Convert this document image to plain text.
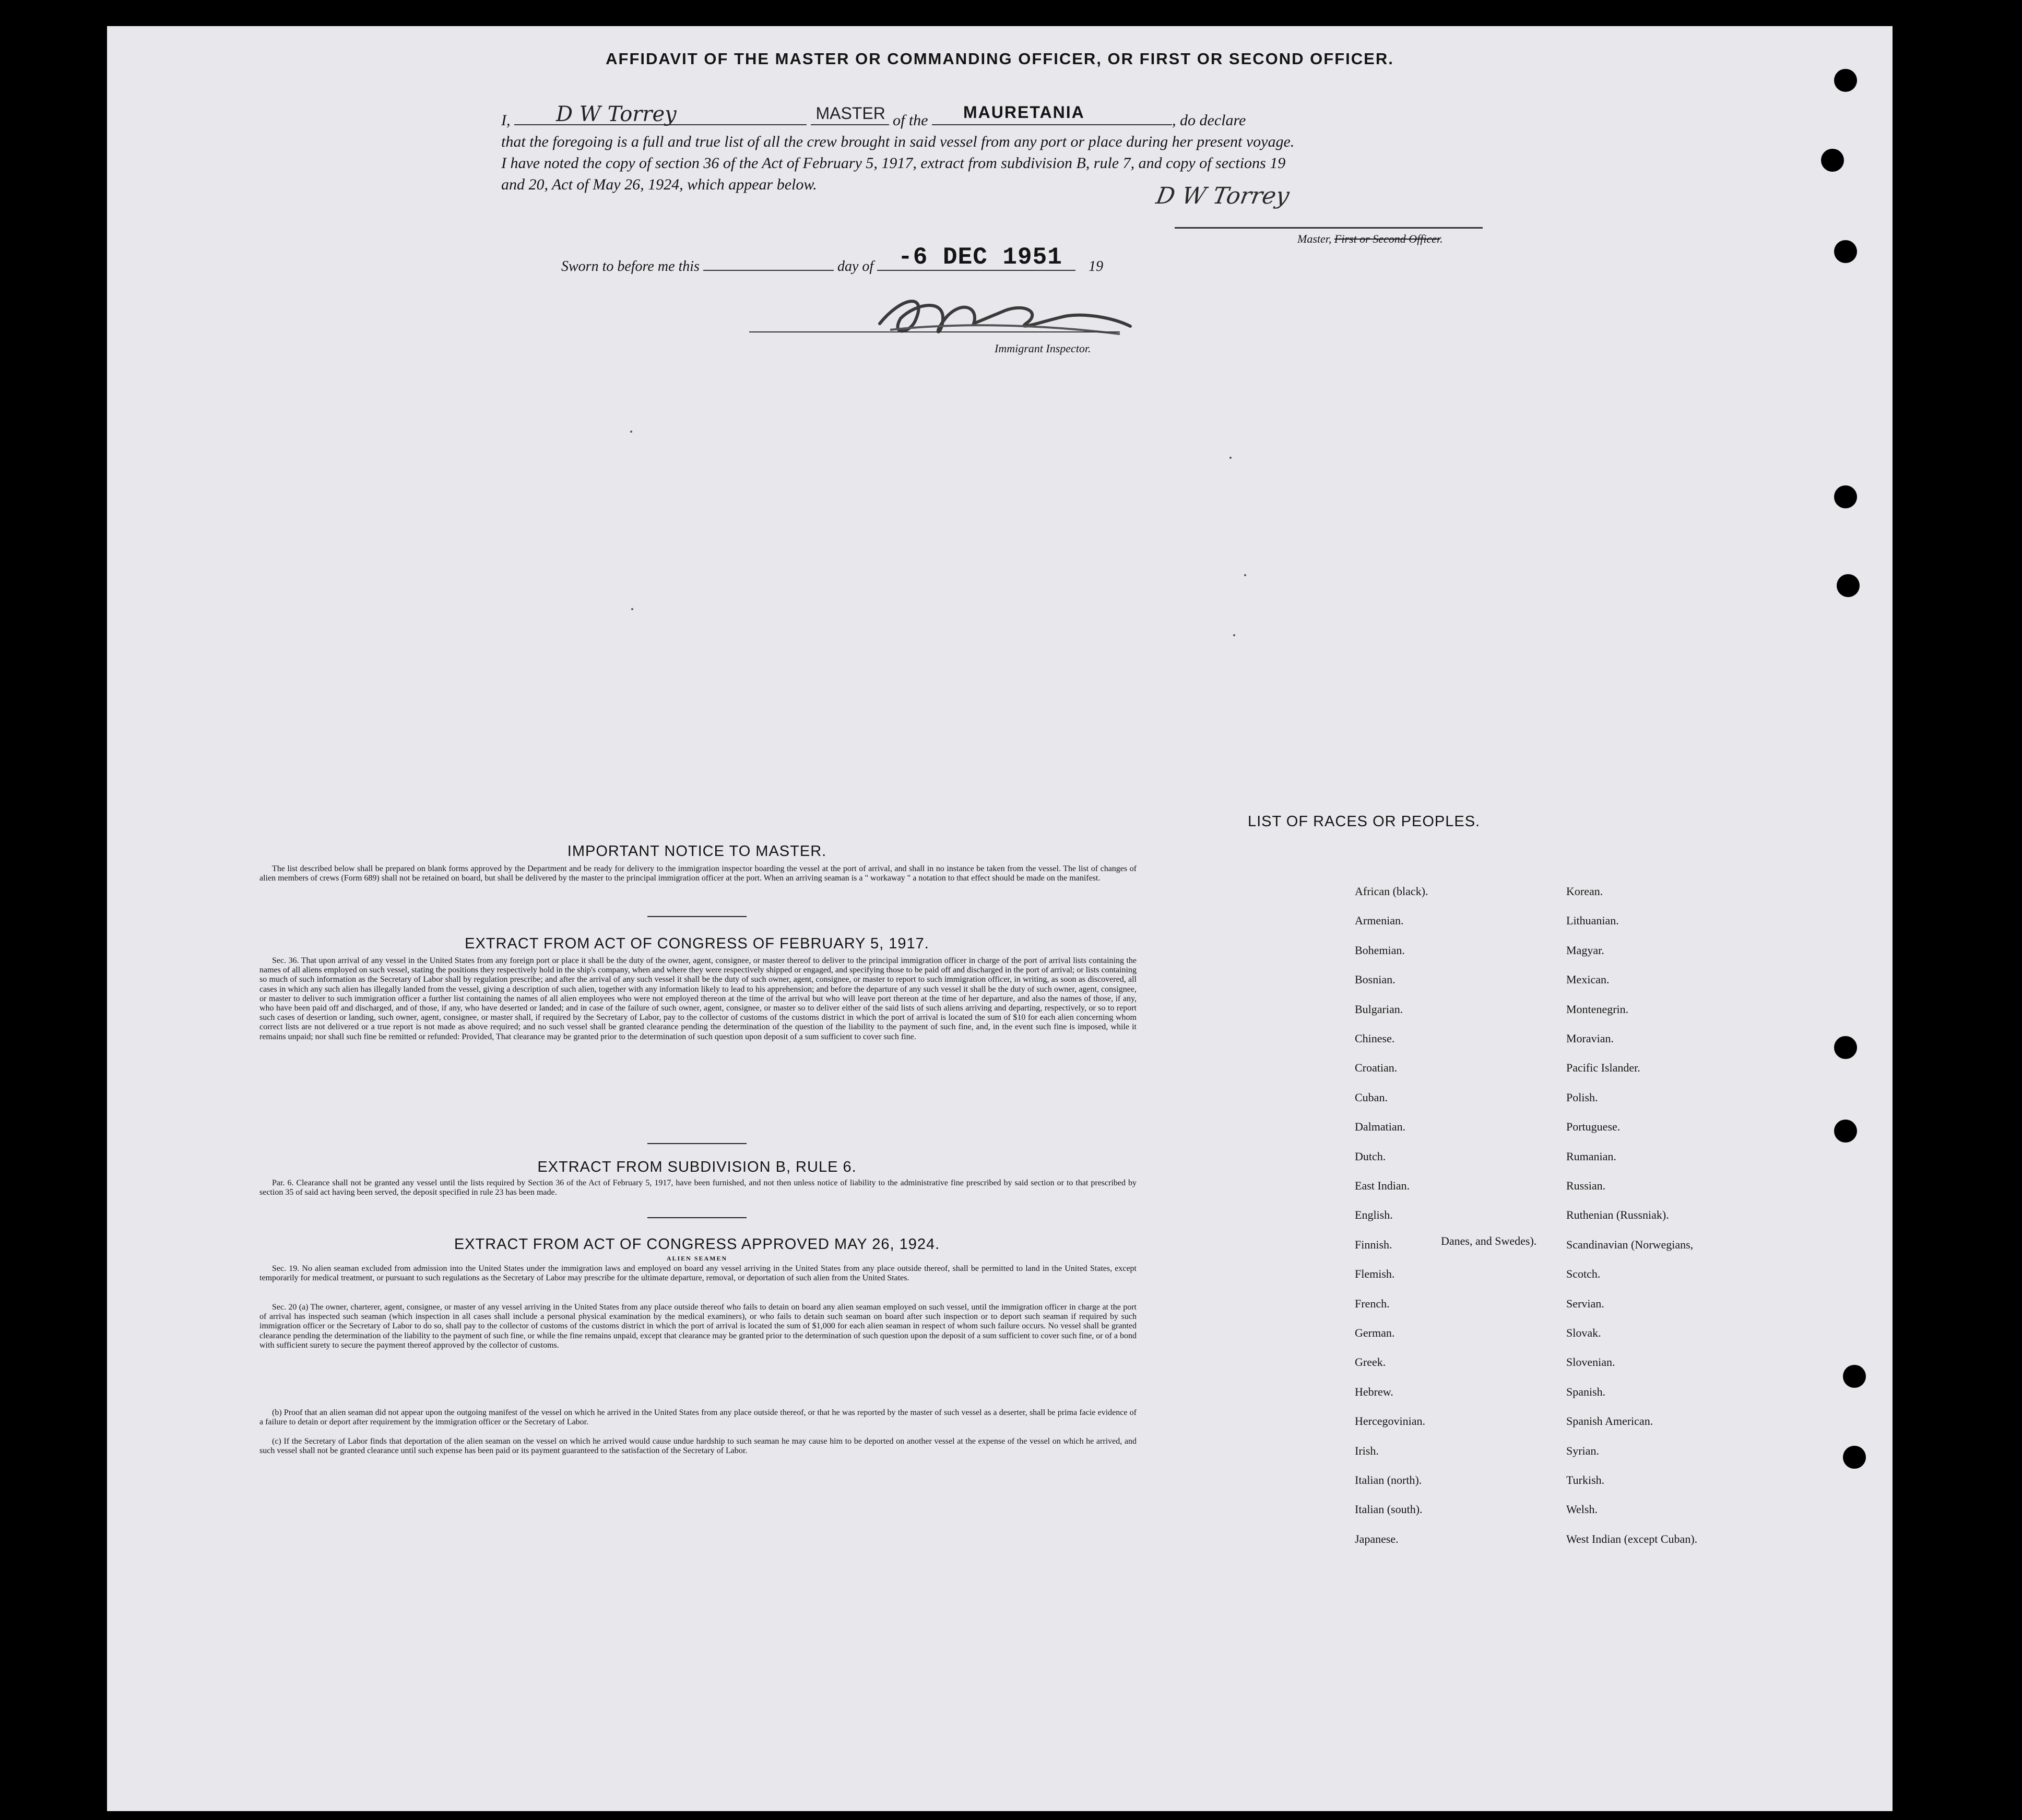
AFFIDAVIT OF THE MASTER OR COMMANDING OFFICER, OR FIRST OR SECOND OFFICER.
I, D W Torrey
	MASTER of the MAURETANIA	, do declare
that the foregoing is a full and true list of all the crew brought in said vessel from any port or place during her present voyage.
I have noted the copy of section 36 of the Act of February 5, 1917, extract from subdivision B, rule 7, and copy of sections 19
and 20, Act of May 26, 1924, which appear below.	D W Torrey
Master, First or Second Officer.
Sworn to before me this	day of -6 DEC 1951 19
Immigrant Inspector.
IMPORTANT NOTICE TO MASTER.
The list described below shall be prepared on blank forms approved by the Department and be ready for delivery to the immigration inspector boarding the vessel at the port of arrival, and shall in no instance be taken from the vessel. The list of changes of alien members of crews (Form 689) shall not be retained on board, but shall be delivered by the master to the principal immigration officer at the port. When an arriving seaman is a " workaway " a notation to that effect should be made on the manifest.
EXTRACT FROM ACT OF CONGRESS OF FEBRUARY 5, 1917.
Sec. 36. That upon arrival of any vessel in the United States from any foreign port or place it shall be the duty of the owner, agent, consignee, or master thereof to deliver to the principal immigration officer in charge of the port of arrival lists containing the names of all aliens employed on such vessel, stating the positions they respectively hold in the ship's company, when and where they were respectively shipped or engaged, and specifying those to be paid off and discharged in the port of arrival; or lists containing so much of such information as the Secretary of Labor shall by regulation prescribe; and after the arrival of any such vessel it shall be the duty of such owner, agent, consignee, or master to report to such immigration officer, in writing, as soon as discovered, all cases in which any such alien has illegally landed from the vessel, giving a description of such alien, together with any information likely to lead to his apprehension; and before the departure of any such vessel it shall be the duty of such owner, agent, consignee, or master to deliver to such immigration officer a further list containing the names of all alien employees who were not employed thereon at the time of the arrival but who will leave port thereon at the time of her departure, and also the names of those, if any, who have been paid off and discharged, and of those, if any, who have deserted or landed; and in case of the failure of such owner, agent, consignee, or master so to deliver either of the said lists of such aliens arriving and departing, respectively, or so to report such cases of desertion or landing, such owner, agent, consignee, or master shall, if required by the Secretary of Labor, pay to the collector of customs of the customs district in which the port of arrival is located the sum of $10 for each alien concerning whom correct lists are not delivered or a true report is not made as above required; and no such vessel shall be granted clearance pending the determination of the question of the liability to the payment of such fine, and, in the event such fine is imposed, while it remains unpaid; nor shall such fine be remitted or refunded: Provided, That clearance may be granted prior to the determination of such question upon deposit of a sum sufficient to cover such fine.
EXTRACT FROM SUBDIVISION B, RULE 6.
Par. 6. Clearance shall not be granted any vessel until the lists required by Section 36 of the Act of February 5, 1917, have been furnished, and not then unless notice of liability to the administrative fine prescribed by said section or to that prescribed by section 35 of said act having been served, the deposit specified in rule 23 has been made.
EXTRACT FROM ACT OF CONGRESS APPROVED MAY 26, 1924.
ALIEN SEAMEN
Sec. 19. No alien seaman excluded from admission into the United States under the immigration laws and employed on board any vessel arriving in the United States from any place outside thereof, shall be permitted to land in the United States, except temporarily for medical treatment, or pursuant to such regulations as the Secretary of Labor may prescribe for the ultimate departure, removal, or deportation of such alien from the United States.
Sec. 20 (a) The owner, charterer, agent, consignee, or master of any vessel arriving in the United States from any place outside thereof who fails to detain on board any alien seaman employed on such vessel, until the immigration officer in charge at the port of arrival has inspected such seaman (which inspection in all cases shall include a personal physical examination by the medical examiners), or who fails to detain such seaman on board after such inspection or to deport such seaman if required by such immigration officer or the Secretary of Labor to do so, shall pay to the collector of customs of the customs district in which the port of arrival is located the sum of $1,000 for each alien seaman in respect of whom such failure occurs. No vessel shall be granted clearance pending the determination of the liability to the payment of such fine, or while the fine remains unpaid, except that clearance may be granted prior to the determination of such question upon the deposit of a sum sufficient to cover such fine, or of a bond with sufficient surety to secure the payment thereof approved by the collector of customs.
(b) Proof that an alien seaman did not appear upon the outgoing manifest of the vessel on which he arrived in the United States from any place outside thereof, or that he was reported by the master of such vessel as a deserter, shall be prima facie evidence of a failure to detain or deport after requirement by the immigration officer or the Secretary of Labor.
(c) If the Secretary of Labor finds that deportation of the alien seaman on the vessel on which he arrived would cause undue hardship to such seaman he may cause him to be deported on another vessel at the expense of the vessel on which he arrived, and such vessel shall not be granted clearance until such expense has been paid or its payment guaranteed to the satisfaction of the Secretary of Labor.
LIST OF RACES OR PEOPLES.
African (black).
Armenian.
Bohemian.
Bosnian.
Bulgarian.
Chinese.
Croatian.
Cuban.
Dalmatian.
Dutch.
East Indian.
English.
Finnish.
Flemish.
French.
German.
Greek.
Hebrew.
Hercegovinian.
Irish.
Italian (north).
Italian (south).
Japanese.
Korean.
Lithuanian.
Magyar.
Mexican.
Montenegrin.
Moravian.
Pacific Islander.
Polish.
Portuguese.
Rumanian.
Russian.
Ruthenian (Russniak).
Scandinavian (Norwegians,
Scotch.
Servian.
Slovak.
Slovenian.
Spanish.
Spanish American.
Syrian.
Turkish.
Welsh.
West Indian (except Cuban).
Danes, and Swedes).
